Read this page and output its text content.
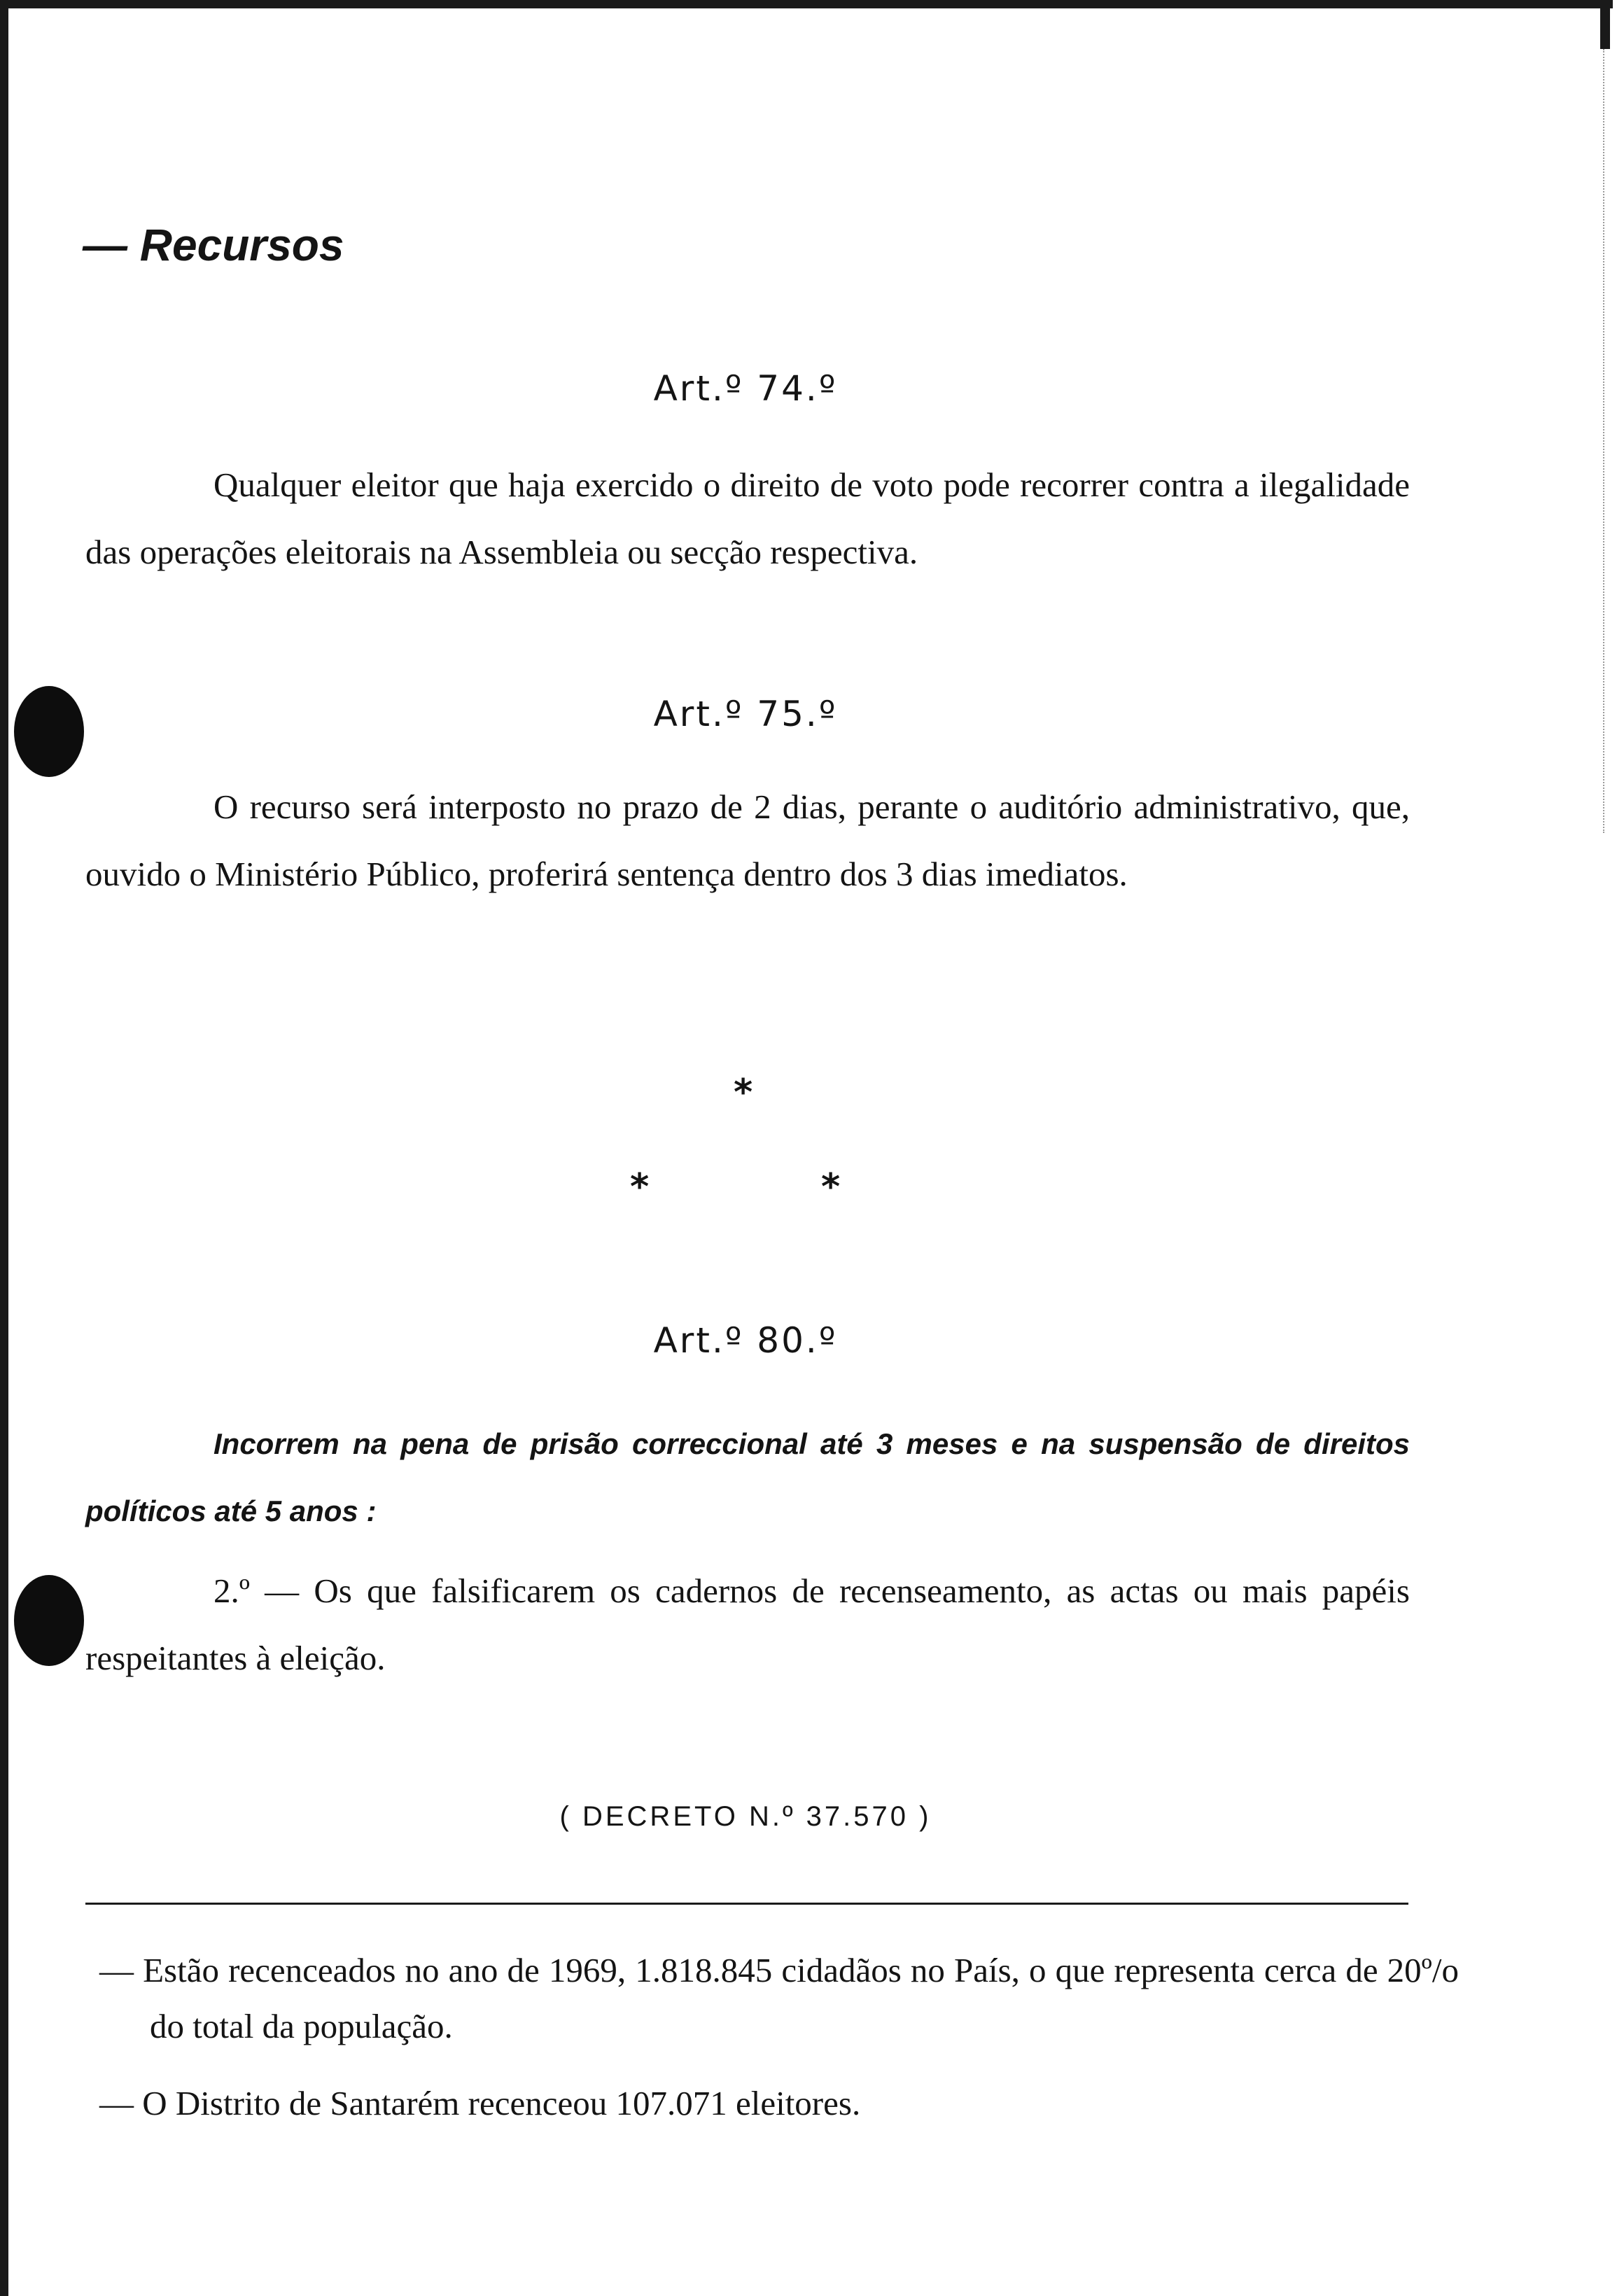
— Recursos

Art.º 74.º

Qualquer eleitor que haja exercido o direito de voto pode recorrer contra a ilegalidade das operações eleitorais na Assembleia ou secção respectiva.

Art.º 75.º

O recurso será interposto no prazo de 2 dias, perante o auditório administrativo, que, ouvido o Ministério Público, proferirá sentença dentro dos 3 dias imediatos.

*
*	*

Art.º 80.º

Incorrem na pena de prisão correccional até 3 meses e na suspensão de direitos políticos até 5 anos :

2.º — Os que falsificarem os cadernos de recenseamento, as actas ou mais papéis respeitantes à eleição.

( DECRETO N.º 37.570 )

— Estão recenceados no ano de 1969, 1.818.845 cidadãos no País, o que representa cerca de 20º/o do total da população.

— O Distrito de Santarém recenceou 107.071 eleitores.
